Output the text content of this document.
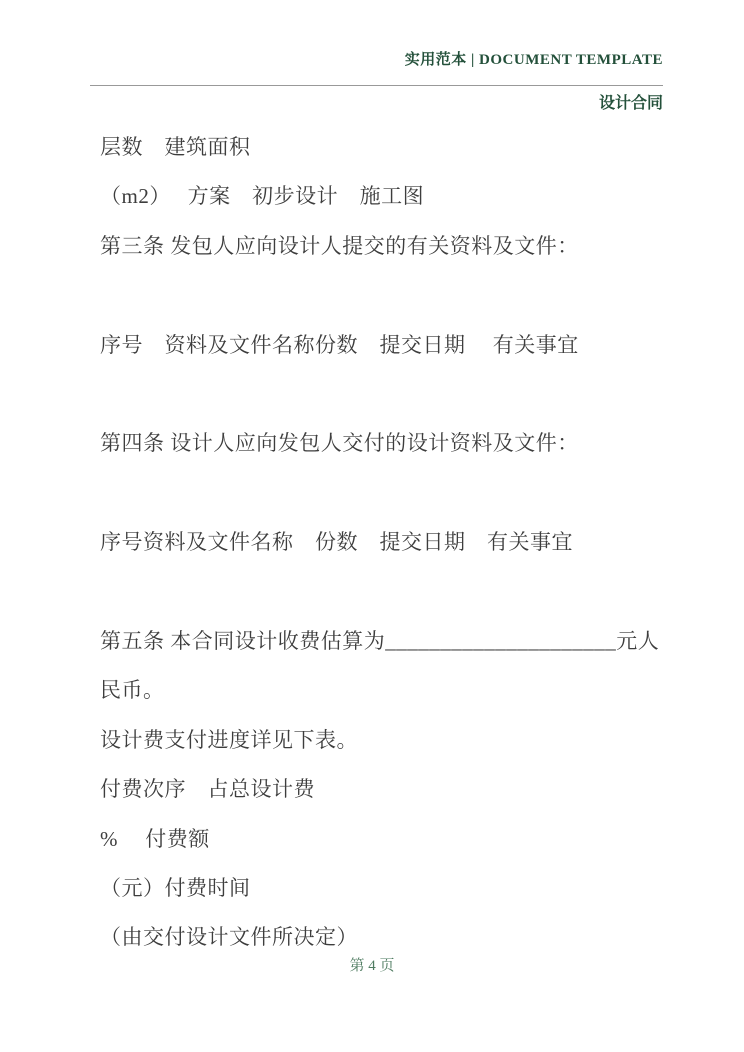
实用范本 | DOCUMENT TEMPLATE
设计合同

层数　建筑面积

（m2）　 方案　初步设计　施工图

第三条 发包人应向设计人提交的有关资料及文件：

序号　资料及文件名称份数　提交日期　 有关事宜

第四条 设计人应向发包人交付的设计资料及文件：

序号资料及文件名称　份数　提交日期　有关事宜

第五条 本合同设计收费估算为_____________________元人民币。

设计费支付进度详见下表。

付费次序　占总设计费

%　 付费额

（元）付费时间

（由交付设计文件所决定）

第 4 页
